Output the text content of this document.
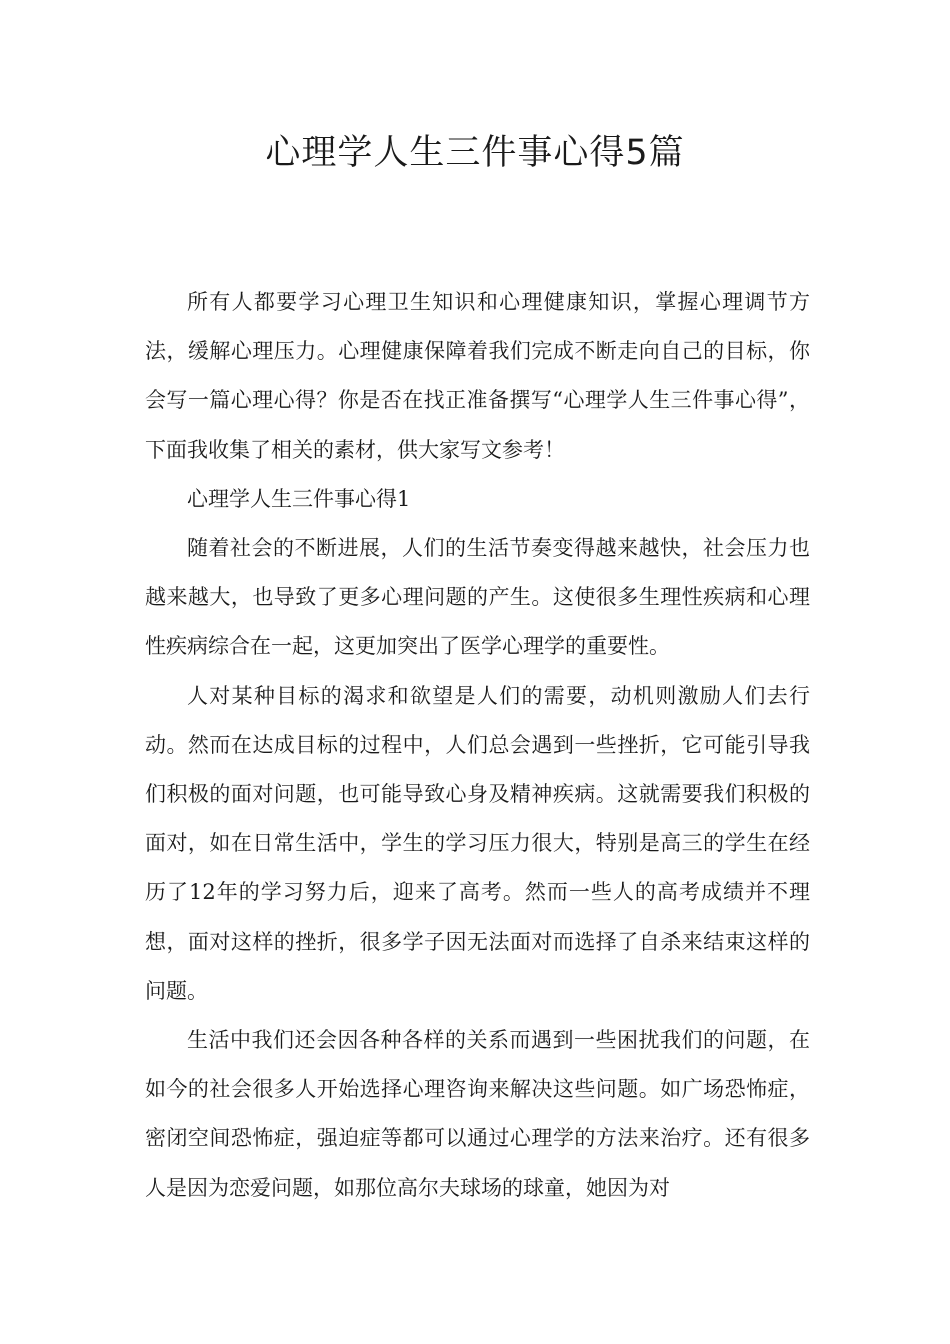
心理学人生三件事心得5篇

所有人都要学习心理卫生知识和心理健康知识，掌握心理调节方法，缓解心理压力。心理健康保障着我们完成不断走向自己的目标，你会写一篇心理心得？你是否在找正准备撰写“心理学人生三件事心得”，下面我收集了相关的素材，供大家写文参考！

心理学人生三件事心得1

随着社会的不断进展，人们的生活节奏变得越来越快，社会压力也越来越大，也导致了更多心理问题的产生。这使很多生理性疾病和心理性疾病综合在一起，这更加突出了医学心理学的重要性。

人对某种目标的渴求和欲望是人们的需要，动机则激励人们去行动。然而在达成目标的过程中，人们总会遇到一些挫折，它可能引导我们积极的面对问题，也可能导致心身及精神疾病。这就需要我们积极的面对，如在日常生活中，学生的学习压力很大，特别是高三的学生在经历了12年的学习努力后，迎来了高考。然而一些人的高考成绩并不理想，面对这样的挫折，很多学子因无法面对而选择了自杀来结束这样的问题。

生活中我们还会因各种各样的关系而遇到一些困扰我们的问题，在如今的社会很多人开始选择心理咨询来解决这些问题。如广场恐怖症，密闭空间恐怖症，强迫症等都可以通过心理学的方法来治疗。还有很多人是因为恋爱问题，如那位高尔夫球场的球童，她因为对
